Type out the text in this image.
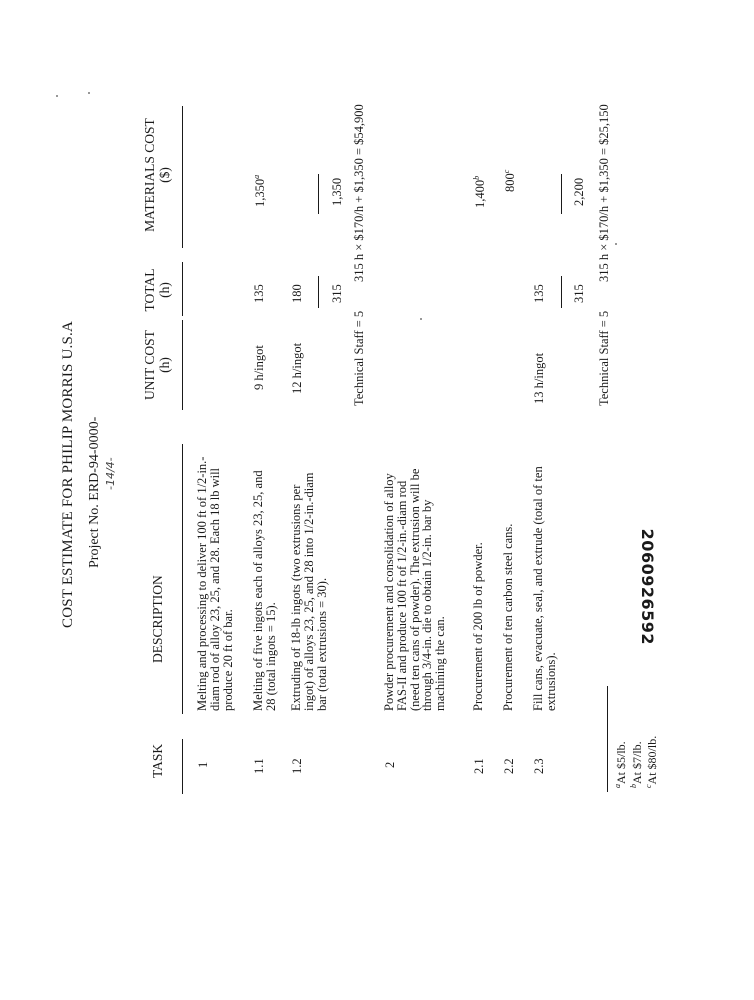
COST ESTIMATE FOR PHILIP MORRIS U.S.A Project No. ERD-94-0000- -14/4-
TASK
DESCRIPTION
UNIT COST (h)
TOTAL (h)
MATERIALS COST ($)
1
Melting and processing to deliver 100 ft of 1/2-in.-diam rod of alloy 23, 25, and 28. Each 18 lb will produce 20 ft of bar.
1.1
Melting of five ingots each of alloys 23, 25, and 28 (total ingots = 15).
9 h/ingot
135
1,350$^a$
1.2
Extruding of 18-lb ingots (two extrusions per ingot) of alloys 23, 25, and 28 into 1/2-in.-diam bar (total extrusions = 30).
12 h/ingot
180 315
1,350
Technical Staff = 5
315 h × $170/h + $1,350 = $54,900
2
Powder procurement and consolidation of alloy FAS-II and produce 100 ft of 1/2-in.-diam rod (need ten cans of powder). The extrusion will be through 3/4-in. die to obtain 1/2-in. bar by machining the can.
2.1
Procurement of 200 lb of powder.
1,400$^b$
2.2
Procurement of ten carbon steel cans.
800$^c$
2.3
Fill cans, evacuate, seal, and extrude (total of ten extrusions).
13 h/ingot
135 315
2,200
Technical Staff = 5
315 h × $170/h + $1,350 = $25,150
2060926592
$^a$At $5/lb.
$^b$At $7/lb.
$^c$At $80/lb.
